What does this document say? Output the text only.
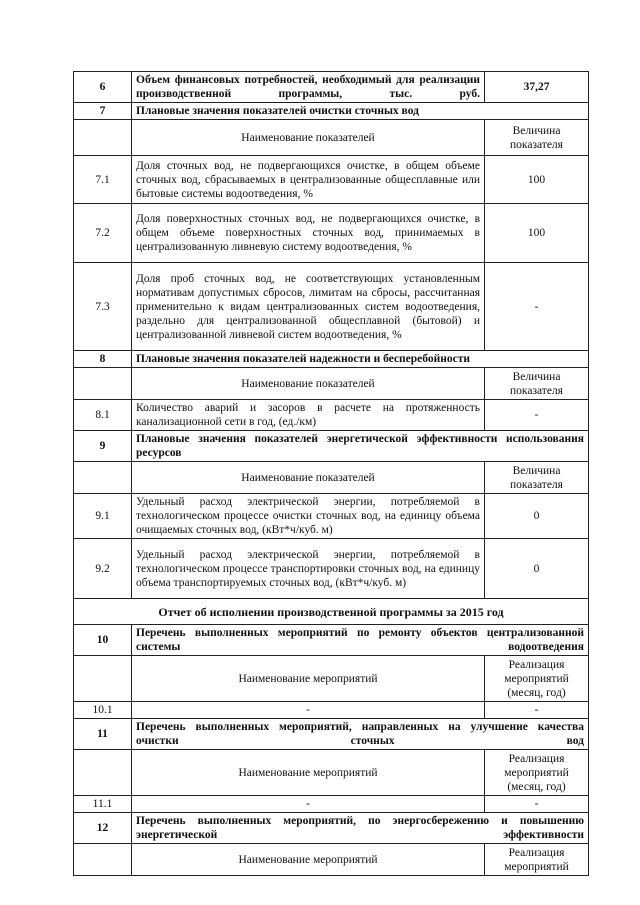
6	Объем финансовых потребностей, необходимый для реализации производственной программы, тыс. руб.	37,27
7	Плановые значения показателей очистки сточных вод	
	Наименование показателей	Величина показателя
7.1	Доля сточных вод, не подвергающихся очистке, в общем объеме сточных вод, сбрасываемых в централизованные общесплавные или бытовые системы водоотведения, %	100
7.2	Доля поверхностных сточных вод, не подвергающихся очистке, в общем объеме поверхностных сточных вод, принимаемых в централизованную ливневую систему водоотведения, %	100
7.3	Доля проб сточных вод, не соответствующих установленным нормативам допустимых сбросов, лимитам на сбросы, рассчитанная применительно к видам централизованных систем водоотведения, раздельно для централизованной общесплавной (бытовой) и централизованной ливневой систем водоотведения, %	-
8	Плановые значения показателей надежности и бесперебойности	
	Наименование показателей	Величина показателя
8.1	Количество аварий и засоров в расчете на протяженность канализационной сети в год, (ед./км)	-
9	Плановые значения показателей энергетической эффективности использования ресурсов	
	Наименование показателей	Величина показателя
9.1	Удельный расход электрической энергии, потребляемой в технологическом процессе очистки сточных вод, на единицу объема очищаемых сточных вод, (кВт*ч/куб. м)	0
9.2	Удельный расход электрической энергии, потребляемой в технологическом процессе транспортировки сточных вод, на единицу объема транспортируемых сточных вод, (кВт*ч/куб. м)	0
Отчет об исполнении производственной программы за 2015 год		
10	Перечень выполненных мероприятий по ремонту объектов централизованной системы водоотведения	
	Наименование мероприятий	Реализация мероприятий (месяц, год)
10.1	-	-
11	Перечень выполненных мероприятий, направленных на улучшение качества очистки сточных вод	
	Наименование мероприятий	Реализация мероприятий (месяц, год)
11.1	-	-
12	Перечень выполненных мероприятий, по энергосбережению и повышению энергетической эффективности	
	Наименование мероприятий	Реализация мероприятий
